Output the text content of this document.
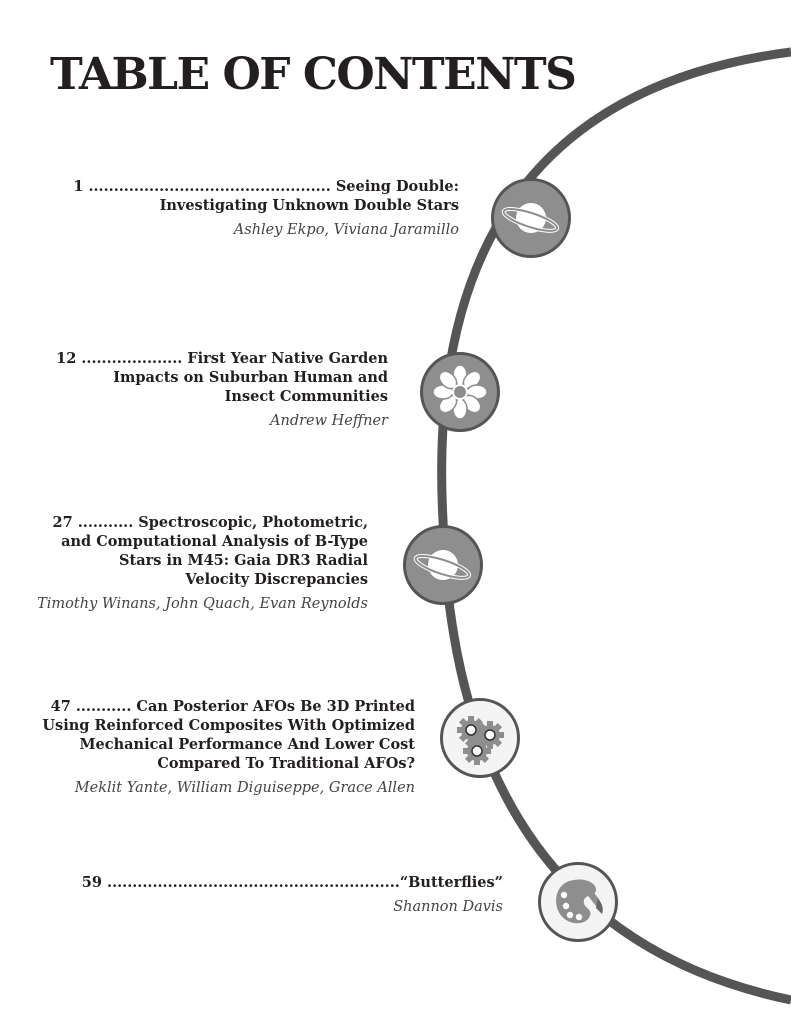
TABLE OF CONTENTS
1 ................................................ Seeing Double:
Investigating Unknown Double Stars
Ashley Ekpo, Viviana Jaramillo
12 .................... First Year Native Garden
Impacts on Suburban Human and
Insect Communities
Andrew Heffner
27 ........... Spectroscopic, Photometric,
and Computational Analysis of B-Type
Stars in M45: Gaia DR3 Radial
Velocity Discrepancies
Timothy Winans, John Quach, Evan Reynolds
47 ........... Can Posterior AFOs Be 3D Printed
Using Reinforced Composites With Optimized
Mechanical Performance And Lower Cost
Compared To Traditional AFOs?
Meklit Yante, William Diguiseppe, Grace Allen
59 ..........................................................“Butterflies”
Shannon Davis
